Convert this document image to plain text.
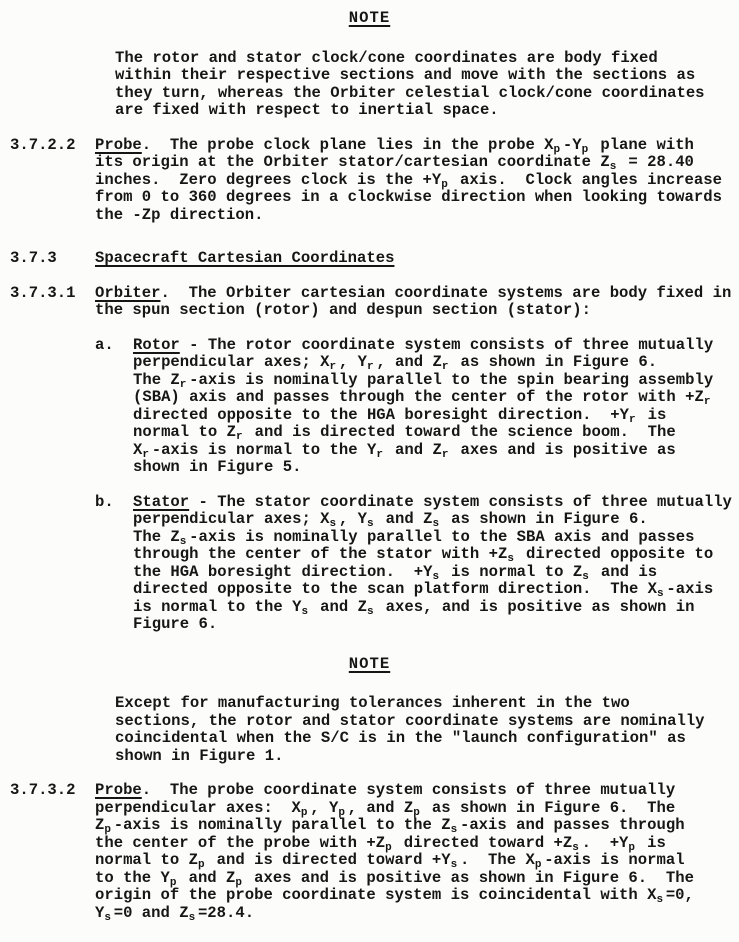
NOTE
The rotor and stator clock/cone coordinates are body fixed
within their respective sections and move with the sections as
they turn, whereas the Orbiter celestial clock/cone coordinates
are fixed with respect to inertial space.
3.7.2.2 Probe.  The probe clock plane lies in the probe $X_p$ $-Y_p$ plane with
its origin at the Orbiter stator/cartesian coordinate $Z_s = 28.40$
inches.  Zero degrees clock is the $+Y_p$ axis.  Clock angles increase
from 0 to 360 degrees in a clockwise direction when looking towards
the -Zp direction.
3.7.3 Spacecraft Cartesian Coordinates
3.7.3.1 Orbiter.  The Orbiter cartesian coordinate systems are body fixed in
the spun section (rotor) and despun section (stator):
a. Rotor - The rotor coordinate system consists of three mutually
perpendicular axes; $X_r$ , $Y_r$ , and $Z_r$ as shown in Figure 6.
The $Z_r$ -axis is nominally parallel to the spin bearing assembly
(SBA) axis and passes through the center of the rotor with $+Z_r$
directed opposite to the HGA boresight direction.  $+Y_r$ is
normal to $Z_r$ and is directed toward the science boom.  The
$X_r$ -axis is normal to the $Y_r$ and $Z_r$ axes and is positive as
shown in Figure 5.
b. Stator - The stator coordinate system consists of three mutually
perpendicular axes; $X_s$ , $Y_s$ and $Z_s$ as shown in Figure 6.
The $Z_s$ -axis is nominally parallel to the SBA axis and passes
through the center of the stator with $+Z_s$ directed opposite to
the HGA boresight direction.  $+Y_s$ is normal to $Z_s$ and is
directed opposite to the scan platform direction.  The $X_s$ -axis
is normal to the $Y_s$ and $Z_s$ axes, and is positive as shown in
Figure 6.
NOTE
Except for manufacturing tolerances inherent in the two
sections, the rotor and stator coordinate systems are nominally
coincidental when the S/C is in the "launch configuration" as
shown in Figure 1.
3.7.3.2 Probe.  The probe coordinate system consists of three mutually
perpendicular axes:  $X_p$ , $Y_p$ , and $Z_p$ as shown in Figure 6.  The
$Z_p$ -axis is nominally parallel to the $Z_s$ -axis and passes through
the center of the probe with $+Z_p$ directed toward $+Z_s$ .  $+Y_p$ is
normal to $Z_p$ and is directed toward $+Y_s$ .  The $X_p$ -axis is normal
to the $Y_p$ and $Z_p$ axes and is positive as shown in Figure 6.  The
origin of the probe coordinate system is coincidental with $X_s =0$,
$Y_s =0$ and $Z_s =28.4$.
